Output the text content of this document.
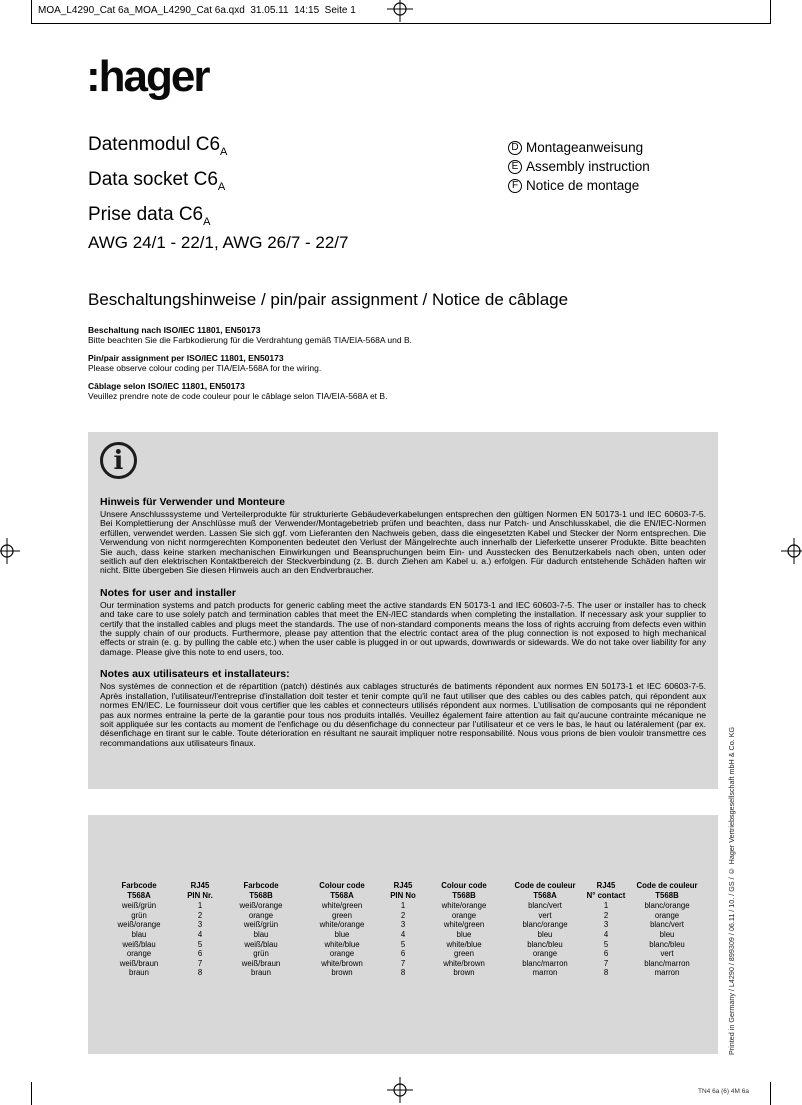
MOA_L4290_Cat 6a_MOA_L4290_Cat 6a.qxd  31.05.11  14:15  Seite 1
:hager
Datenmodul $C6_A$
Data socket $C6_A$
Prise data $C6_A$
D Montageanweisung
E Assembly instruction
F Notice de montage
AWG 24/1 - 22/1, AWG 26/7 - 22/7
Beschaltungshinweise / pin/pair assignment / Notice de câblage
Beschaltung nach ISO/IEC 11801, EN50173
Bitte beachten Sie die Farbkodierung für die Verdrahtung gemäß TIA/EIA-568A und B.
Pin/pair assignment per ISO/IEC 11801, EN50173
Please observe colour coding per TIA/EIA-568A for the wiring.
Câblage selon ISO/IEC 11801, EN50173
Veuillez prendre note de code couleur pour le câblage selon TIA/EIA-568A et B.
i
Hinweis für Verwender und Monteure
Unsere Anschlusssysteme und Verteilerprodukte für strukturierte Gebäudeverkabelungen entsprechen den gültigen Normen EN 50173-1 und IEC 60603-7-5. Bei Komplettierung der Anschlüsse muß der Verwender/Montagebetrieb prüfen und beachten, dass nur Patch- und Anschlusskabel, die die EN/IEC-Normen erfüllen, verwendet werden. Lassen Sie sich ggf. vom Lieferanten den Nachweis geben, dass die eingesetzten Kabel und Stecker der Norm entsprechen. Die Verwendung von nicht normgerechten Komponenten bedeutet den Verlust der Mängelrechte auch innerhalb der Lieferkette unserer Produkte. Bitte beachten Sie auch, dass keine starken mechanischen Einwirkungen und Beanspruchungen beim Ein- und Ausstecken des Benutzerkabels nach oben, unten oder seitlich auf den elektrischen Kontaktbereich der Steckverbindung (z. B. durch Ziehen am Kabel u. a.) erfolgen. Für dadurch entstehende Schäden haften wir nicht. Bitte übergeben Sie diesen Hinweis auch an den Endverbraucher.
Notes for user and installer
Our termination systems and patch products for generic cabling meet the active standards EN 50173-1 and IEC 60603-7-5. The user or installer has to check and take care to use solely patch and termination cables that meet the EN-/IEC standards when completing the installation. If necessary ask your supplier to certify that the installed cables and plugs meet the standards. The use of non-standard components means the loss of rights accruing from defects even within the supply chain of our products. Furthermore, please pay attention that the electric contact area of the plug connection is not exposed to high mechanical effects or strain (e. g. by pulling the cable etc.) when the user cable is plugged in or out upwards, downwards or sidewards. We do not take over liability for any damage. Please give this note to end users, too.
Notes aux utilisateurs et installateurs:
Nos systèmes de connection et de répartition (patch) déstinés aux cablages structurés de batiments répondent aux normes EN 50173-1 et IEC 60603-7-5. Après installation, l'utilisateur/l'entreprise d'installation doit tester et tenir compte qu'il ne faut utiliser que des cables ou des cables patch, qui répondent aux normes EN/IEC. Le fournisseur doit vous certifier que les cables et connecteurs utilisés répondent aux normes. L'utilisation de composants qui ne répondent pas aux normes entraine la perte de la garantie pour tous nos produits intallés. Veuillez également faire attention au fait qu'aucune contrainte mécanique ne soit appliquée sur les contacts au moment de l'enfichage ou du désenfichage du connecteur par l'utilisateur et ce vers le bas, le haut ou latéralement (par ex. désenfichage en tirant sur le cable. Toute déterioration en résultant ne saurait impliquer notre responsabilité. Nous vous prions de bien vouloir transmettre ces recommandations aux utilisateurs finaux.
Farbcode
T568A
RJ45
PIN Nr.
Farbcode
T568B
weiß/grün	1	weiß/orange
grün	2	orange
weiß/orange	3	weiß/grün
blau	4	blau
weiß/blau	5	weiß/blau
orange	6	grün
weiß/braun	7	weiß/braun
braun	8	braun
Colour code
T568A
RJ45
PIN No
Colour code
T568B
white/green	1	white/orange
green	2	orange
white/orange	3	white/green
blue	4	blue
white/blue	5	white/blue
orange	6	green
white/brown	7	white/brown
brown	8	brown
Code de couleur
T568A
RJ45
N° contact
Code de couleur
T568B
blanc/vert	1	blanc/orange
vert	2	orange
blanc/orange	3	blanc/vert
bleu	4	bleu
blanc/bleu	5	blanc/bleu
orange	6	vert
blanc/marron	7	blanc/marron
marron	8	marron	Printed in Germany / L4290 / 899309 / 06.11 / 10. / GS / © Hager Vertriebsgesellschaft mbH & Co. KG
TN4 6a (6) 4M 6a
